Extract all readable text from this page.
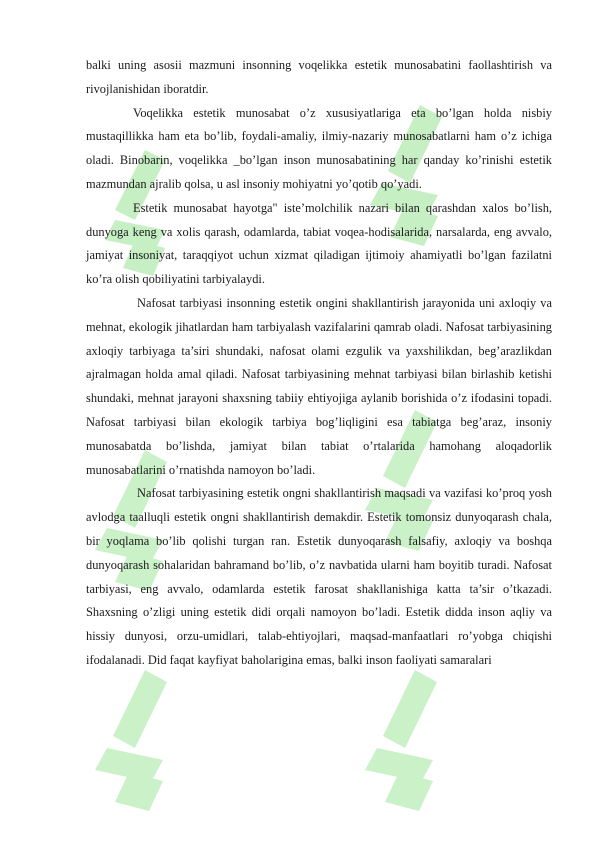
balki uning asosii mazmuni insonning voqelikka estetik munosabatini faollashtirish va rivojlanishidan iboratdir.

Voqelikka estetik munosabat o’z xususiyatlariga eta bo’lgan holda nisbiy mustaqillikka ham eta bo’lib, foydali-amaliy, ilmiy-nazariy munosabatlarni ham o’z ichiga oladi. Binobarin, voqelikka _bo’lgan inson munosabatining har qanday ko’rinishi estetik mazmundan ajralib qolsa, u asl insoniy mohiyatni yo’qotib qo’yadi.

Estetik munosabat hayotga" iste’molchilik nazari bilan qarashdan xalos bo’lish, dunyoga keng va xolis qarash, odamlarda, tabiat voqea-hodisalarida, narsalarda, eng avvalo, jamiyat insoniyat, taraqqiyot uchun xizmat qiladigan ijtimoiy ahamiyatli bo’lgan fazilatni ko’ra olish qobiliyatini tarbiyalaydi.

Nafosat tarbiyasi insonning estetik ongini shakllantirish jarayonida uni axloqiy va mehnat, ekologik jihatlardan ham tarbiyalash vazifalarini qamrab oladi. Nafosat tarbiyasining axloqiy tarbiyaga ta’siri shundaki, nafosat olami ezgulik va yaxshilikdan, beg’arazlikdan ajralmagan holda amal qiladi. Nafosat tarbiyasining mehnat tarbiyasi bilan birlashib ketishi shundaki, mehnat jarayoni shaxsning tabiiy ehtiyojiga aylanib borishida o’z ifodasini topadi. Nafosat tarbiyasi bilan ekologik tarbiya bog’liqligini esa tabiatga beg’araz, insoniy munosabatda bo’lishda, jamiyat bilan tabiat o’rtalarida hamohang aloqadorlik munosabatlarini o’rnatishda namoyon bo’ladi.

Nafosat tarbiyasining estetik ongni shakllantirish maqsadi va vazifasi ko’proq yosh avlodga taalluqli estetik ongni shakllantirish demakdir. Estetik tomonsiz dunyoqarash chala, bir yoqlama bo’lib qolishi turgan ran. Estetik dunyoqarash falsafiy, axloqiy va boshqa dunyoqarash sohalaridan bahramand bo’lib, o’z navbatida ularni ham boyitib turadi. Nafosat tarbiyasi, eng avvalo, odamlarda estetik farosat shakllanishiga katta ta’sir o’tkazadi. Shaxsning o’zligi uning estetik didi orqali namoyon bo’ladi. Estetik didda inson aqliy va hissiy dunyosi, orzu-umidlari, talab-ehtiyojlari, maqsad-manfaatlari ro’yobga chiqishi ifodalanadi. Did faqat kayfiyat baholarigina emas, balki inson faoliyati samaralari
